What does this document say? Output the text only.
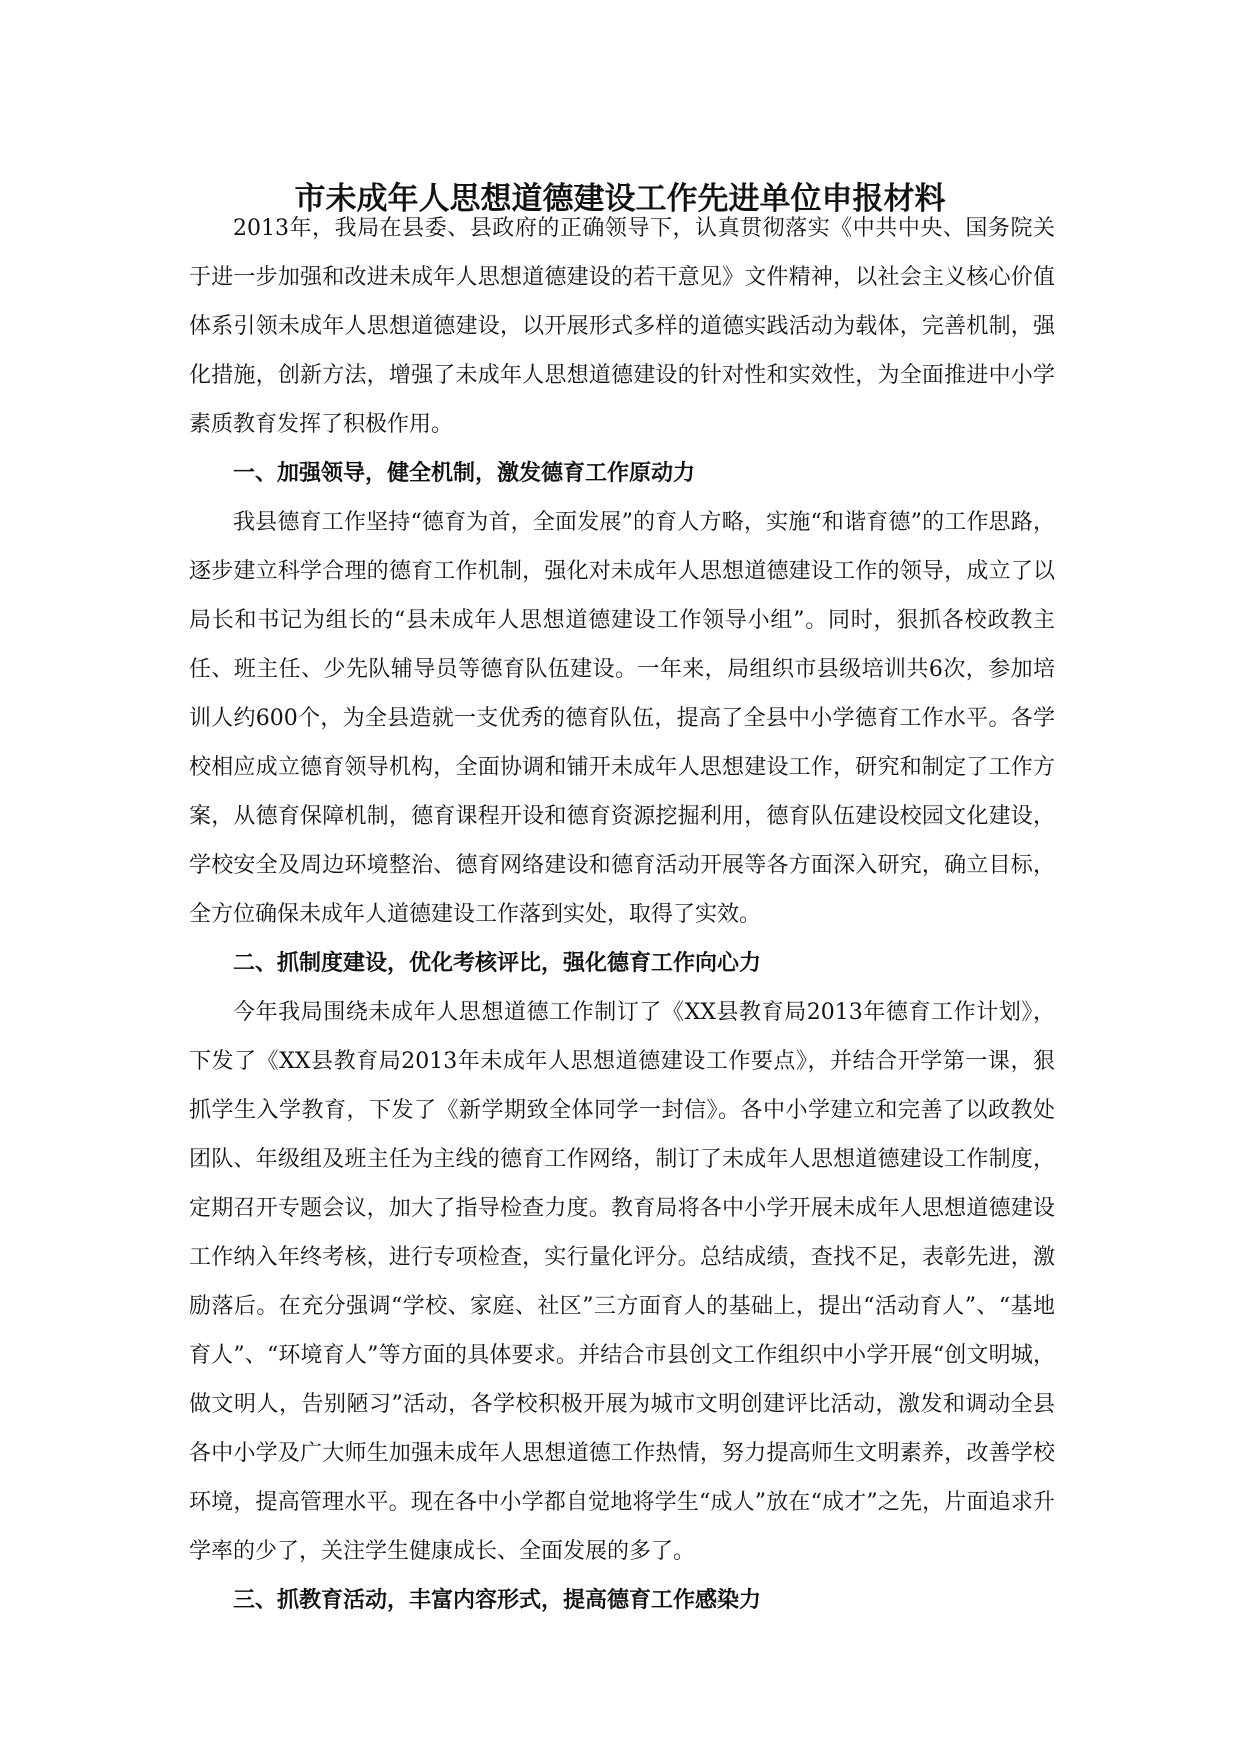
市未成年人思想道德建设工作先进单位申报材料

2013年，我局在县委、县政府的正确领导下，认真贯彻落实《中共中央、国务院关于进一步加强和改进未成年人思想道德建设的若干意见》文件精神，以社会主义核心价值体系引领未成年人思想道德建设，以开展形式多样的道德实践活动为载体，完善机制，强化措施，创新方法，增强了未成年人思想道德建设的针对性和实效性，为全面推进中小学素质教育发挥了积极作用。

一、加强领导，健全机制，激发德育工作原动力

我县德育工作坚持“德育为首，全面发展”的育人方略，实施“和谐育德”的工作思路，逐步建立科学合理的德育工作机制，强化对未成年人思想道德建设工作的领导，成立了以局长和书记为组长的“县未成年人思想道德建设工作领导小组”。同时，狠抓各校政教主任、班主任、少先队辅导员等德育队伍建设。一年来，局组织市县级培训共6次，参加培训人约600个，为全县造就一支优秀的德育队伍，提高了全县中小学德育工作水平。各学校相应成立德育领导机构，全面协调和铺开未成年人思想建设工作，研究和制定了工作方案，从德育保障机制，德育课程开设和德育资源挖掘利用，德育队伍建设校园文化建设，学校安全及周边环境整治、德育网络建设和德育活动开展等各方面深入研究，确立目标，全方位确保未成年人道德建设工作落到实处，取得了实效。

二、抓制度建设，优化考核评比，强化德育工作向心力

今年我局围绕未成年人思想道德工作制订了《XX县教育局2013年德育工作计划》，下发了《XX县教育局2013年未成年人思想道德建设工作要点》，并结合开学第一课，狠抓学生入学教育，下发了《新学期致全体同学一封信》。各中小学建立和完善了以政教处团队、年级组及班主任为主线的德育工作网络，制订了未成年人思想道德建设工作制度，定期召开专题会议，加大了指导检查力度。教育局将各中小学开展未成年人思想道德建设工作纳入年终考核，进行专项检查，实行量化评分。总结成绩，查找不足，表彰先进，激励落后。在充分强调“学校、家庭、社区”三方面育人的基础上，提出“活动育人”、“基地育人”、“环境育人”等方面的具体要求。并结合市县创文工作组织中小学开展“创文明城，做文明人，告别陋习”活动，各学校积极开展为城市文明创建评比活动，激发和调动全县各中小学及广大师生加强未成年人思想道德工作热情，努力提高师生文明素养，改善学校环境，提高管理水平。现在各中小学都自觉地将学生“成人”放在“成才”之先，片面追求升学率的少了，关注学生健康成长、全面发展的多了。

三、抓教育活动，丰富内容形式，提高德育工作感染力
